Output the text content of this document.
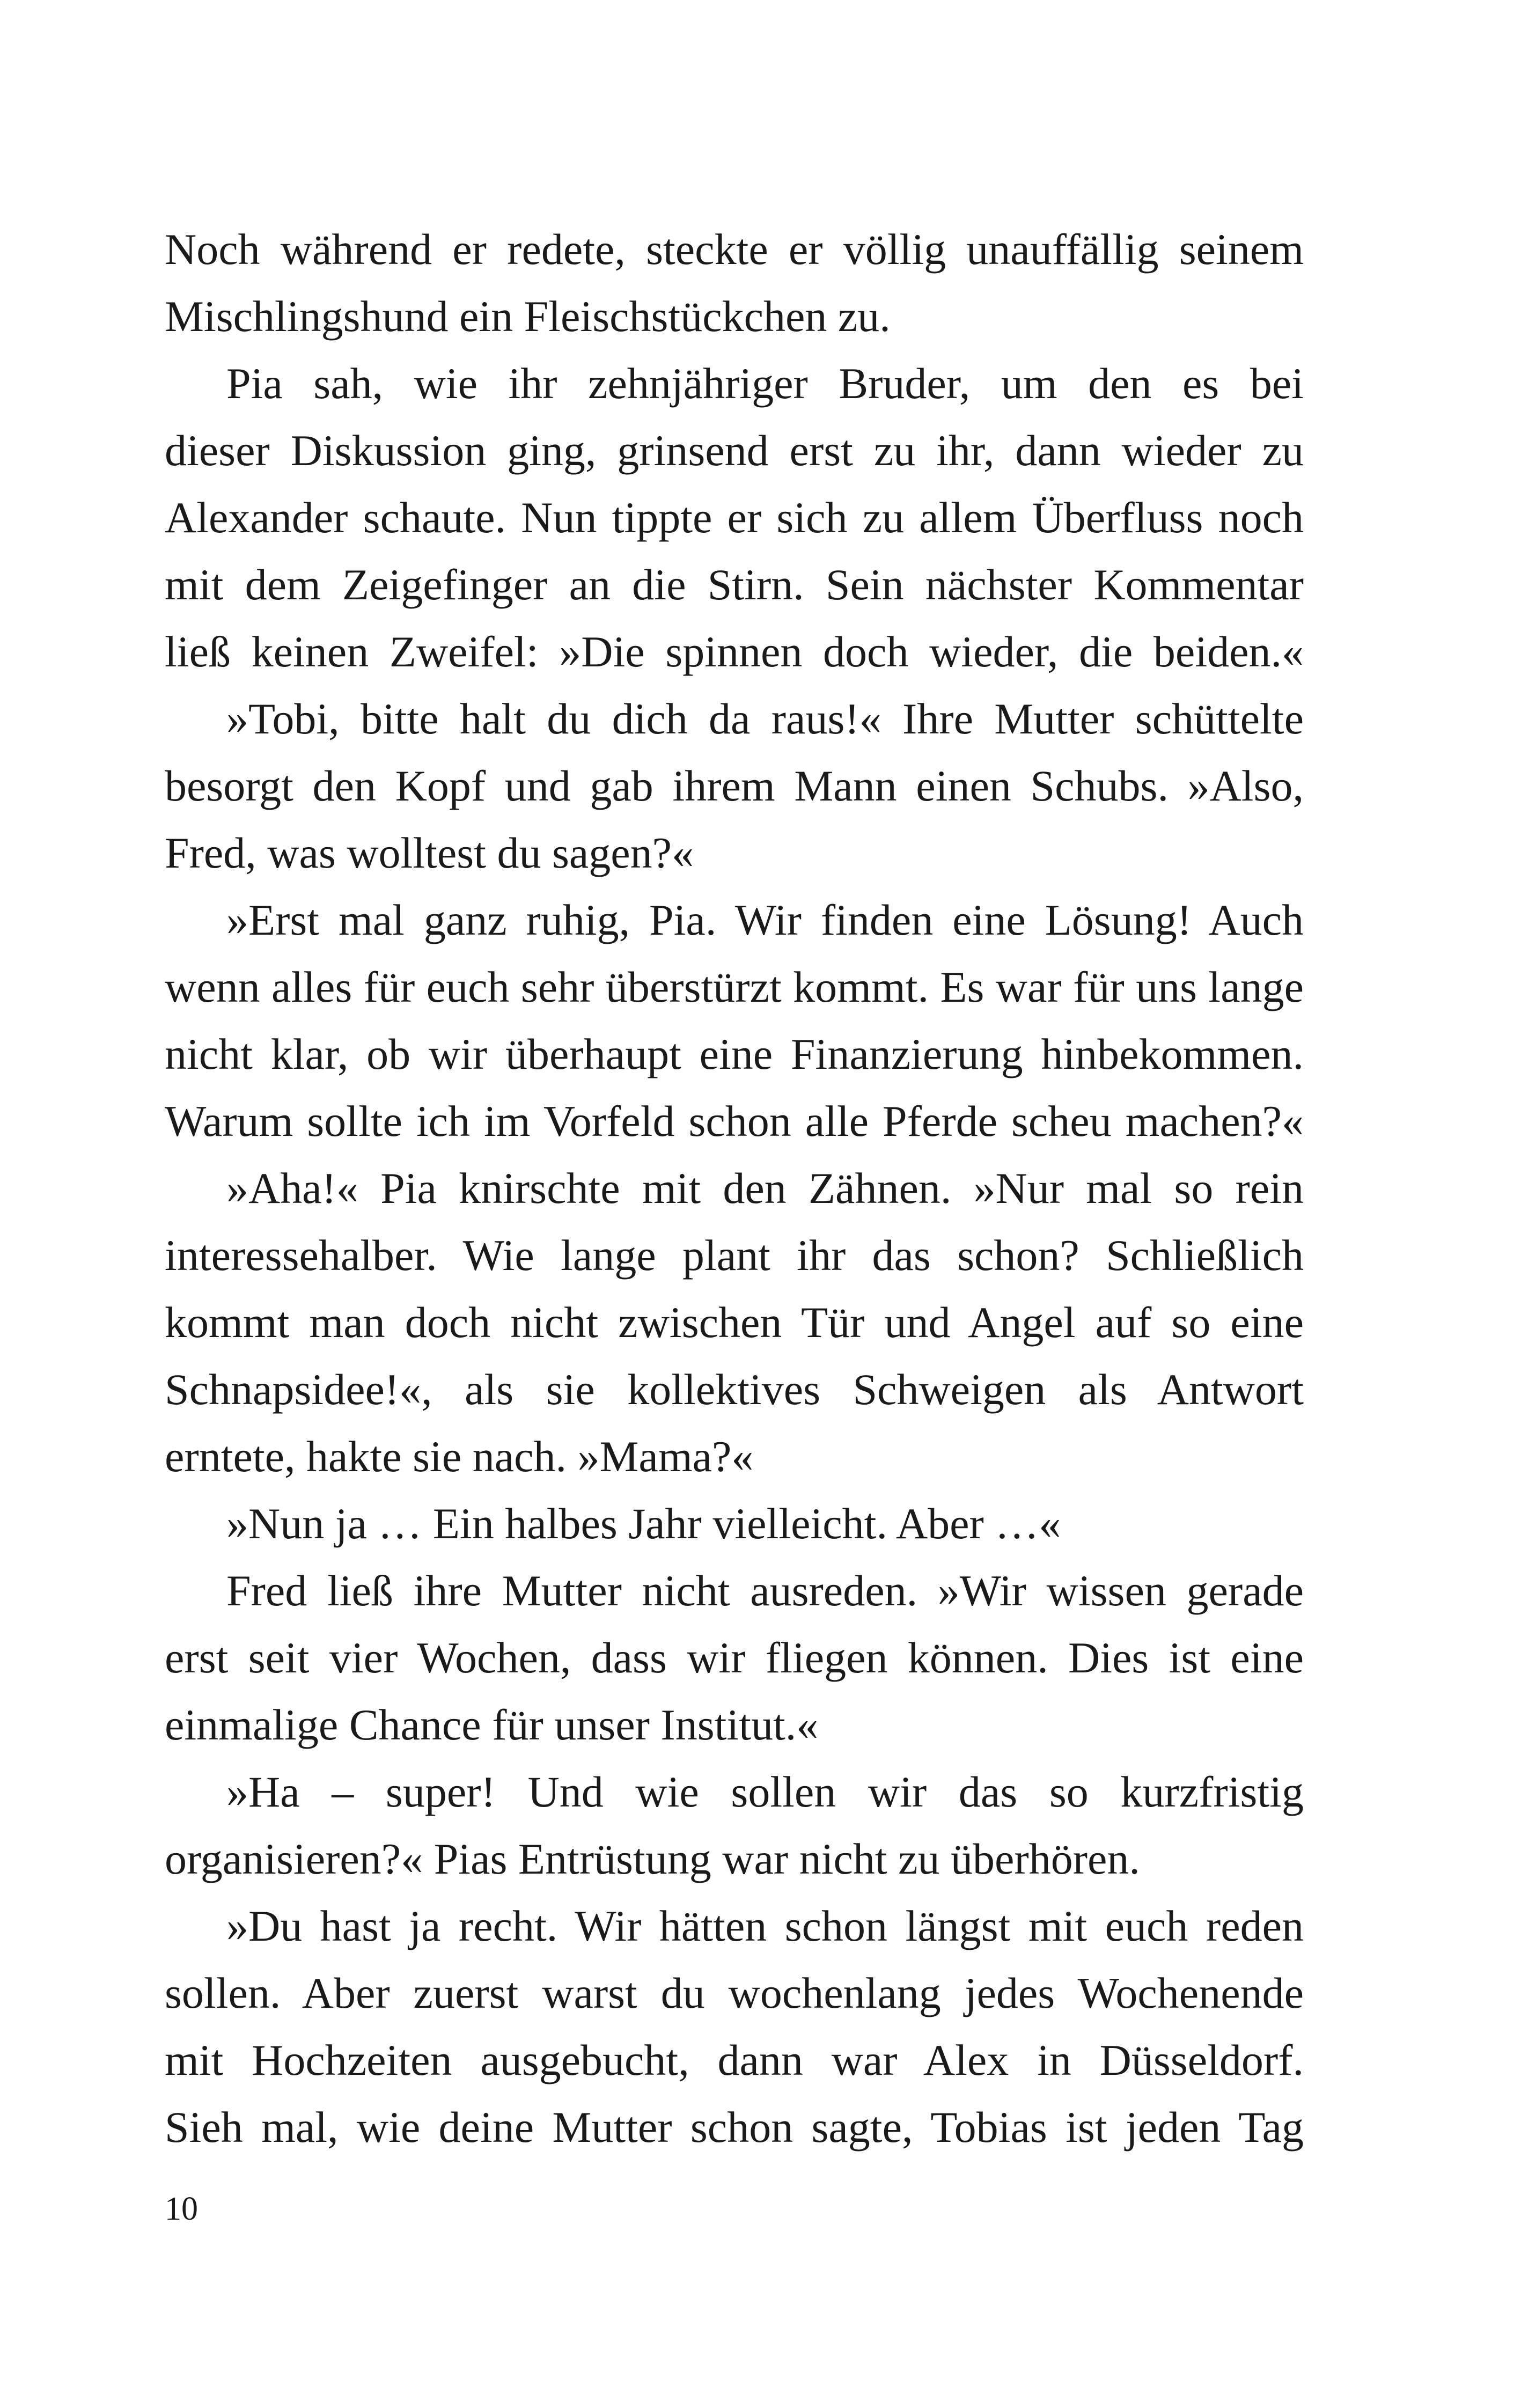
Noch während er redete, steckte er völlig unauffällig seinem
Mischlingshund ein Fleischstückchen zu.
Pia sah, wie ihr zehnjähriger Bruder, um den es bei
dieser Diskussion ging, grinsend erst zu ihr, dann wieder zu
Alexander schaute. Nun tippte er sich zu allem Überfluss noch
mit dem Zeigefinger an die Stirn. Sein nächster Kommentar
ließ keinen Zweifel: »Die spinnen doch wieder, die beiden.«
»Tobi, bitte halt du dich da raus!« Ihre Mutter schüttelte
besorgt den Kopf und gab ihrem Mann einen Schubs. »Also,
Fred, was wolltest du sagen?«
»Erst mal ganz ruhig, Pia. Wir finden eine Lösung! Auch
wenn alles für euch sehr überstürzt kommt. Es war für uns lange
nicht klar, ob wir überhaupt eine Finanzierung hinbekommen.
Warum sollte ich im Vorfeld schon alle Pferde scheu machen?«
»Aha!« Pia knirschte mit den Zähnen. »Nur mal so rein
interessehalber. Wie lange plant ihr das schon? Schließlich
kommt man doch nicht zwischen Tür und Angel auf so eine
Schnapsidee!«, als sie kollektives Schweigen als Antwort
erntete, hakte sie nach. »Mama?«
»Nun ja … Ein halbes Jahr vielleicht. Aber …«
Fred ließ ihre Mutter nicht ausreden. »Wir wissen gerade
erst seit vier Wochen, dass wir fliegen können. Dies ist eine
einmalige Chance für unser Institut.«
»Ha – super! Und wie sollen wir das so kurzfristig
organisieren?« Pias Entrüstung war nicht zu überhören.
»Du hast ja recht. Wir hätten schon längst mit euch reden
sollen. Aber zuerst warst du wochenlang jedes Wochenende
mit Hochzeiten ausgebucht, dann war Alex in Düsseldorf.
Sieh mal, wie deine Mutter schon sagte, Tobias ist jeden Tag
10
